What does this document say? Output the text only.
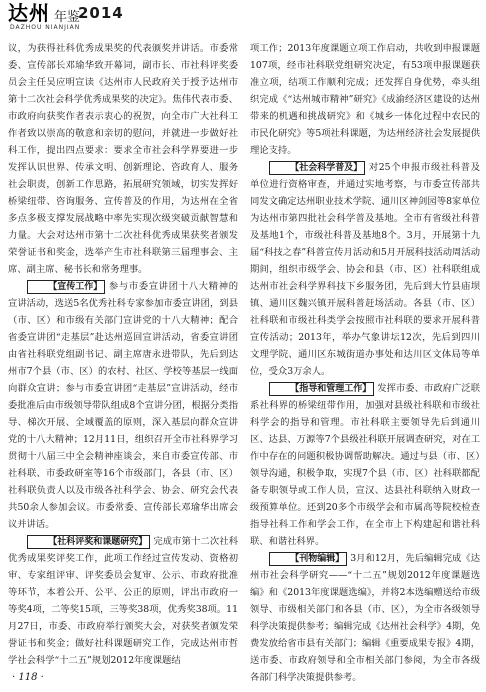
达州 年鉴
2014
DAZHOU NIANJIAN

议，为获得社科优秀成果奖的代表颁奖并讲话。市委常委、宣传部长邓瑜华致开幕词，副市长、市社科评奖委员会主任吴应明宣读《达州市人民政府关于授予达州市第十二次社会科学优秀成果奖的决定》。焦伟代表市委、市政府向获奖作者表示衷心的祝贺，向全市广大社科工作者致以崇高的敬意和亲切的慰问，并就进一步做好社科工作，提出四点要求：要求全市社会科学界要进一步发挥认识世界、传承文明、创新理论、咨政育人、服务社会职责，创新工作思路，拓展研究领域，切实发挥好桥梁纽带、咨询服务、宣传普及的作用，为达州在全省多点多极支撑发展战略中率先实现次级突破贡献智慧和力量。大会对达州市第十二次社科优秀成果获奖者颁发荣誉证书和奖金，选举产生市社科联第三届理事会、主席、副主席、秘书长和常务理事。

【宣传工作】 参与市委宣讲团十八大精神的宣讲活动，选送5名优秀社科专家参加市委宣讲团，到县（市、区）和市级有关部门宣讲党的十八大精神；配合省委宣讲团“走基层”赴达州巡回宣讲活动，省委宣讲团由省社科联党组副书记、副主席唐永进带队，先后到达州市7个县（市、区）的农村、社区、学校等基层一线面向群众宣讲；参与市委宣讲团“走基层”宣讲活动，经市委批准后由市级领导带队组成8个宣讲分团，根据分类指导、梯次开展、全域覆盖的原则，深入基层向群众宣讲党的十八大精神；12月11日，组织召开全市社科界学习贯彻十八届三中全会精神座谈会，来自市委宣传部、市社科联、市委政研室等16个市级部门，各县（市、区）社科联负责人以及市级各社科学会、协会、研究会代表共50余人参加会议。市委常委、宣传部长邓瑜华出席会议并讲话。

【社科评奖和课题研究】 完成市第十二次社科优秀成果奖评奖工作，此项工作经过宣传发动、资格初审、专家组评审、评奖委员会复审、公示、市政府批准等环节，本着公开、公平、公正的原则，评出市政府一等奖4项，二等奖15项，三等奖38项，优秀奖38项。11月27日，市委、市政府举行颁奖大会，对获奖者颁发荣誉证书和奖金；做好社科课题研究工作，完成达州市哲学社会科学“十二五”规划2012年度课题结

项工作；2013年度课题立项工作启动，共收到申报课题107项，经市社科联党组研究决定，有53项申报课题获准立项，结项工作顺利完成；还发挥自身优势，牵头组织完成《“达州城市精神”研究》《成渝经济区建设的达州带来的机遇和挑战研究》和《城乡一体化过程中农民的市民化研究》等5项社科课题，为达州经济社会发展提供理论支持。

【社会科学普及】 对25个申报市级社科普及单位进行资格审查，并通过实地考察，与市委宣传部共同发文确定达州职业技术学院、通川区神剑园等8家单位为达州市第四批社会科学普及基地。全市有省级社科普及基地1个，市级社科普及基地8个。3月，开展第十九届“科技之春”科普宣传月活动和5月开展科技活动周活动期间，组织市级学会、协会和县（市、区）社科联组成达州市社会科学界科技下乡服务团，先后到大竹县庙坝镇、通川区魏兴镇开展科普赶场活动。各县（市、区）社科联和市级社科类学会按照市社科联的要求开展科普宣传活动；2013年，举办气象讲坛12次，先后到四川文理学院、通川区东城街道办事处和达川区文体局等单位，受众3万余人。

【指导和管理工作】 发挥市委、市政府广泛联系社科界的桥梁纽带作用，加强对县级社科联和市级社科学会的指导和管理。市社科联主要领导先后到通川区、达县、万源等7个县级社科联开展调查研究，对在工作中存在的问题积极协调帮助解决。通过与县（市、区）领导沟通，积极争取，实现7个县（市、区）社科联都配备专职领导或工作人员，宣汉、达县社科联纳入财政一级预算单位。还到20多个市级学会和市属高等院校检查指导社科工作和学会工作，在全市上下构建起和谐社科联、和谐社科界。

【刊物编辑】 3月和12月，先后编辑完成《达州市社会科学研究——“十二五”规划2012年度课题选编》和《2013年度课题选编》，并将2本选编赠送给市级领导、市级相关部门和各县（市、区），为全市各级领导科学决策提供参考；编辑完成《达州社会科学》4期，免费发放给省市县有关部门；编辑《重要成果专报》4期，送市委、市政府领导和全市相关部门参阅，为全市各级各部门科学决策提供参考。

· 118 ·
